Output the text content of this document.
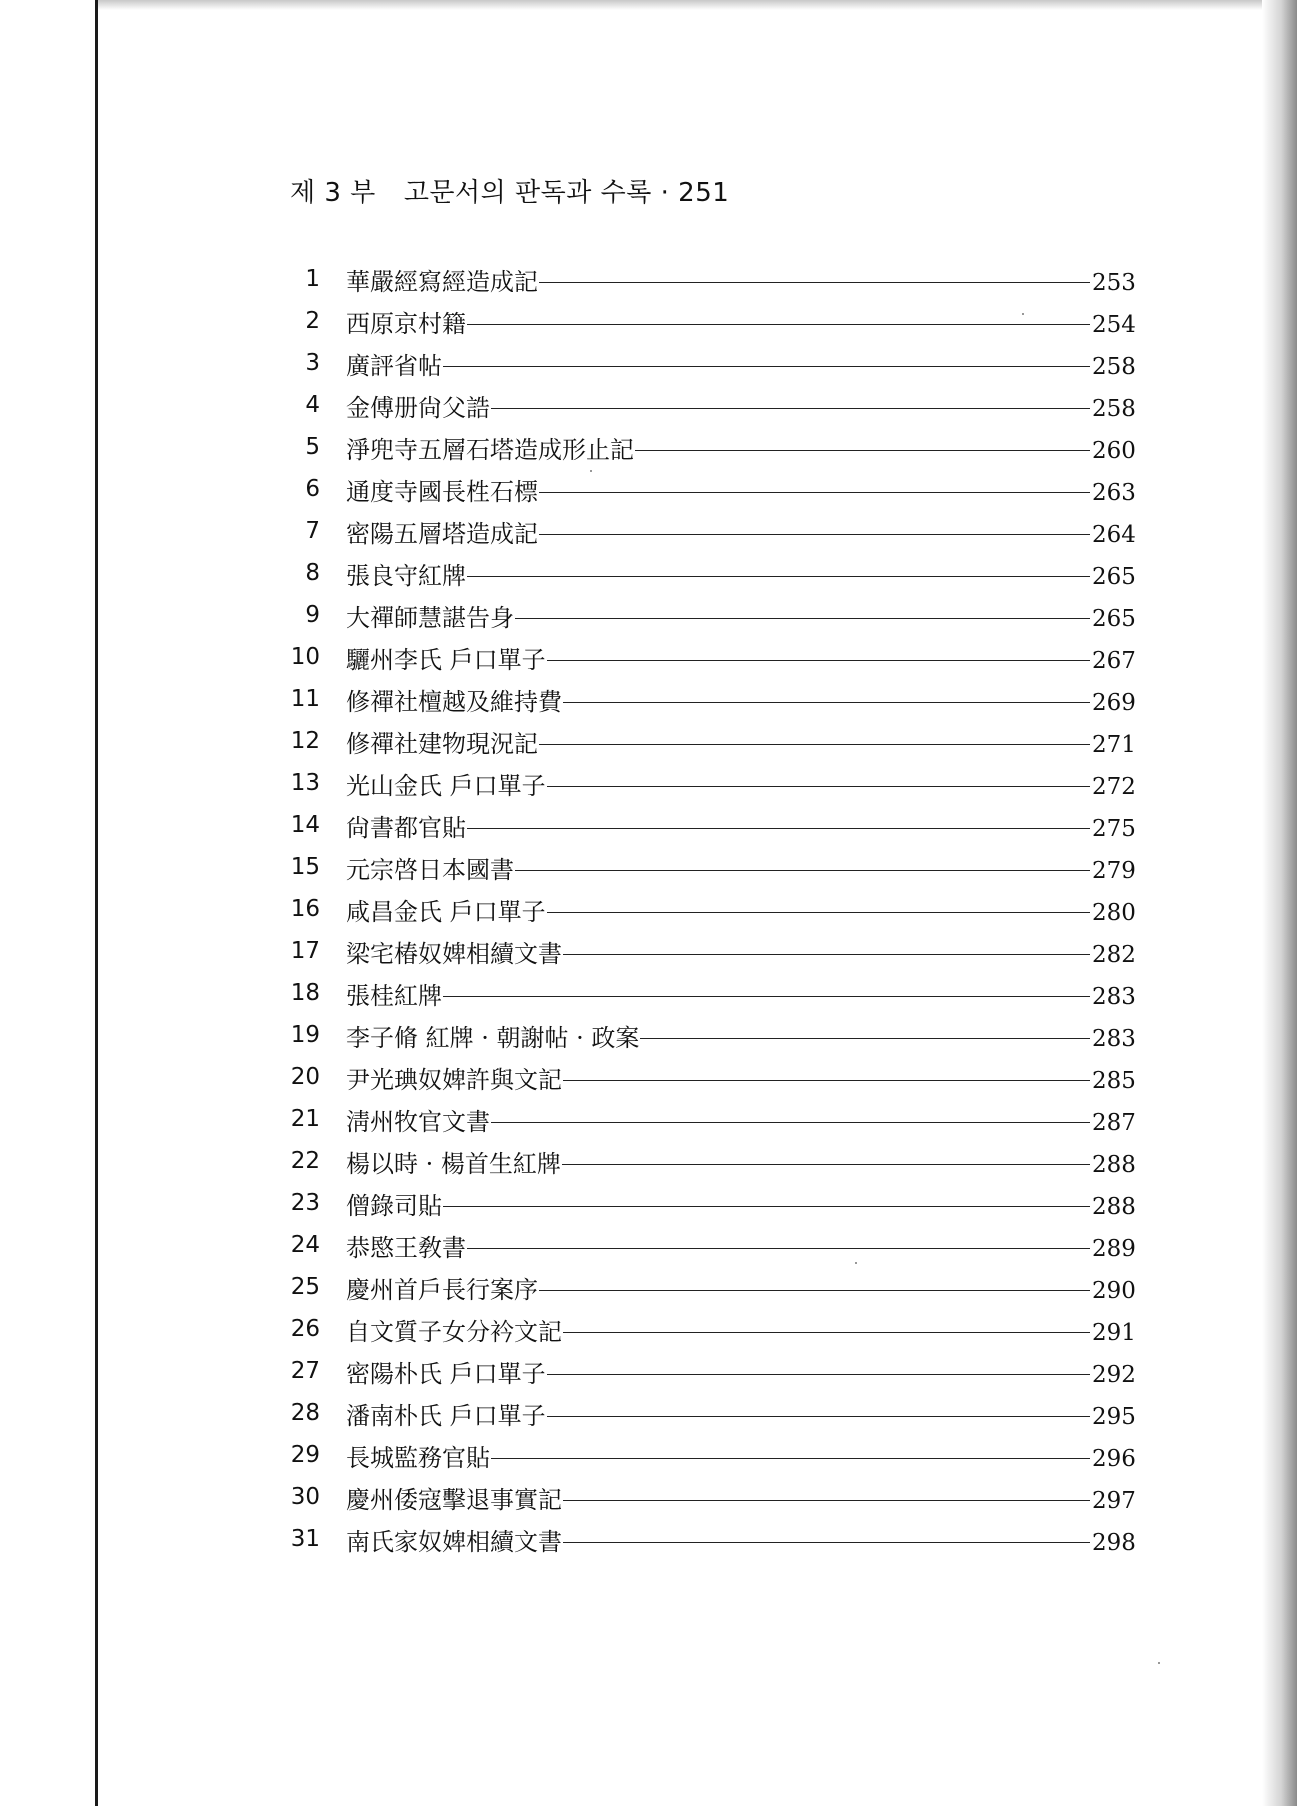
제 3 부 고문서의 판독과 수록 · 251
1 華嚴經寫經造成記	253
2 西原京村籍	254
3 廣評省帖	258
4 金傅册尙父誥	258
5 淨兜寺五層石塔造成形止記	260
6 通度寺國長栍石標	263
7 密陽五層塔造成記	264
8 張良守紅牌	265
9 大禪師慧諶告身	265
10 驪州李氏 戶口單子	267
11 修禪社檀越及維持費	269
12 修禪社建物現況記	271
13 光山金氏 戶口單子	272
14 尙書都官貼	275
15 元宗啓日本國書	279
16 咸昌金氏 戶口單子	280
17 梁宅椿奴婢相續文書	282
18 張桂紅牌	283
19 李子脩 紅牌 · 朝謝帖 · 政案	283
20 尹光琠奴婢許與文記	285
21 淸州牧官文書	287
22 楊以時 · 楊首生紅牌	288
23 僧錄司貼	288
24 恭愍王敎書	289
25 慶州首戶長行案序	290
26 自文質子女分衿文記	291
27 密陽朴氏 戶口單子	292
28 潘南朴氏 戶口單子	295
29 長城監務官貼	296
30 慶州倭寇擊退事實記	297
31 南氏家奴婢相續文書	298
